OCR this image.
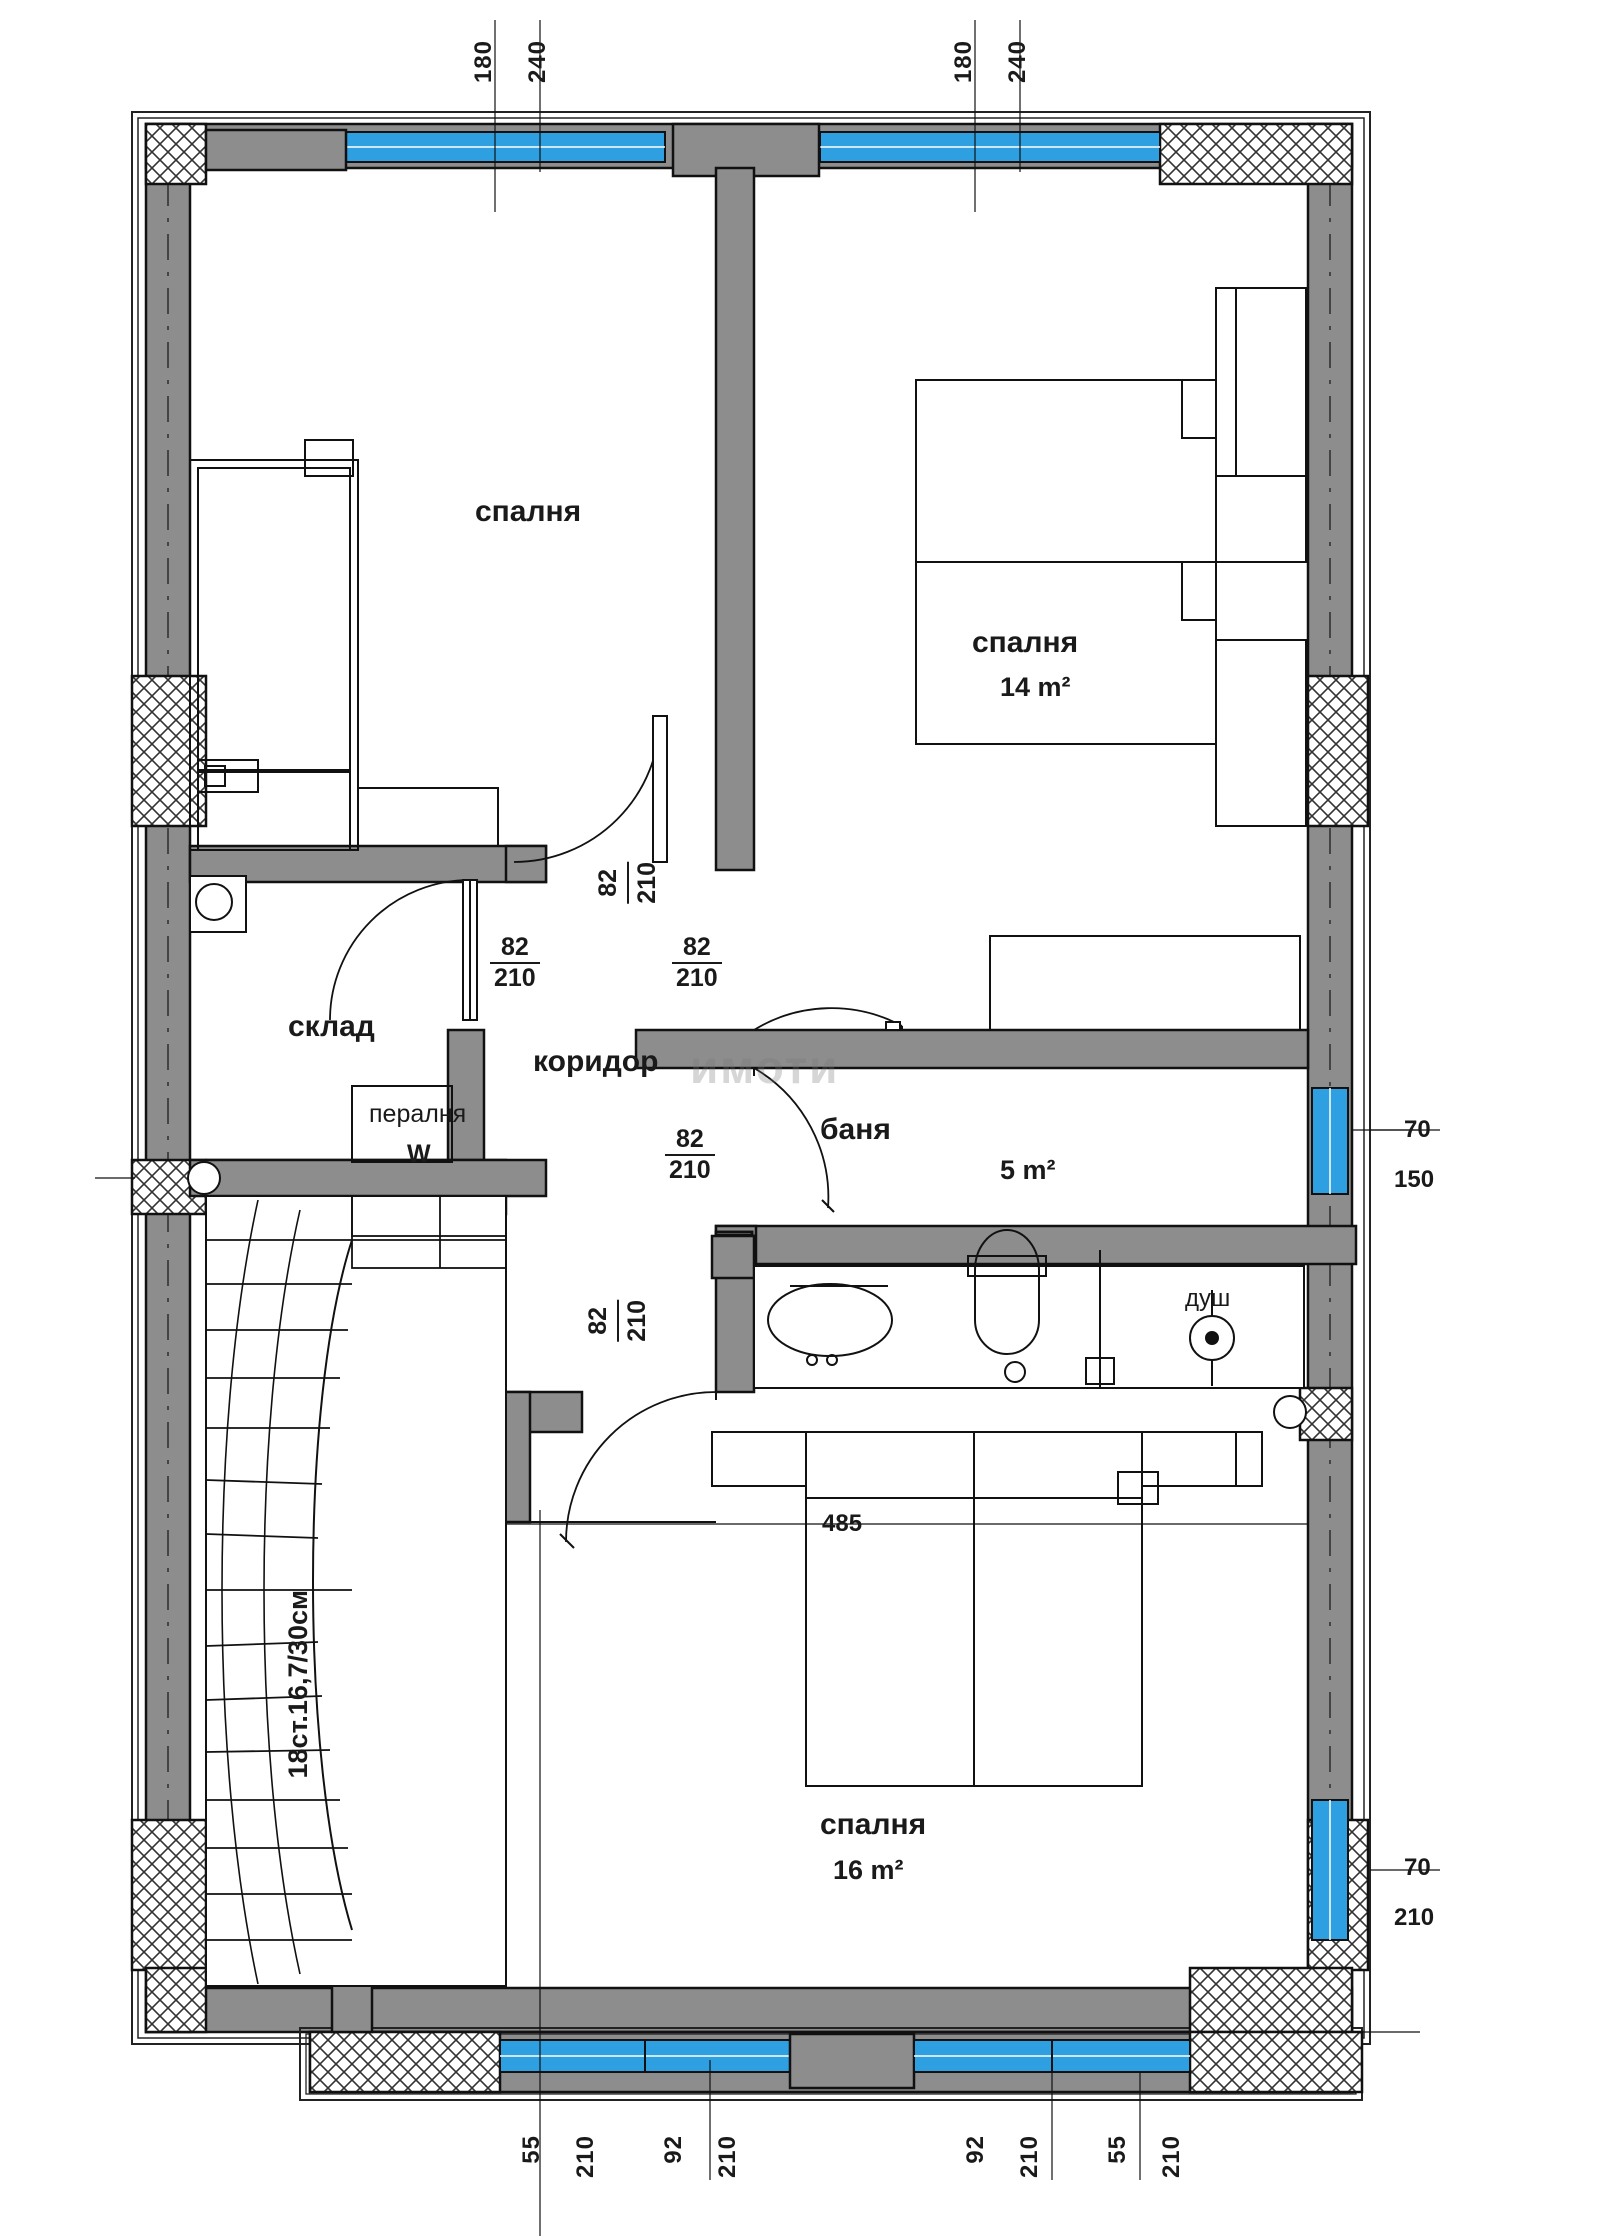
180 240	180 240
спалня
спалня
14 m²
баня
5 m²
коридор
склад
пералня
W
спалня
16 m²
душ
18ст.16,7/30см
485
имоти
82 210
$\frac{82}{210}$	$\frac{82}{210}$
$\frac{82}{210}$
82 210
70
150
70
210
55 210	92 210	92 210	55 210
